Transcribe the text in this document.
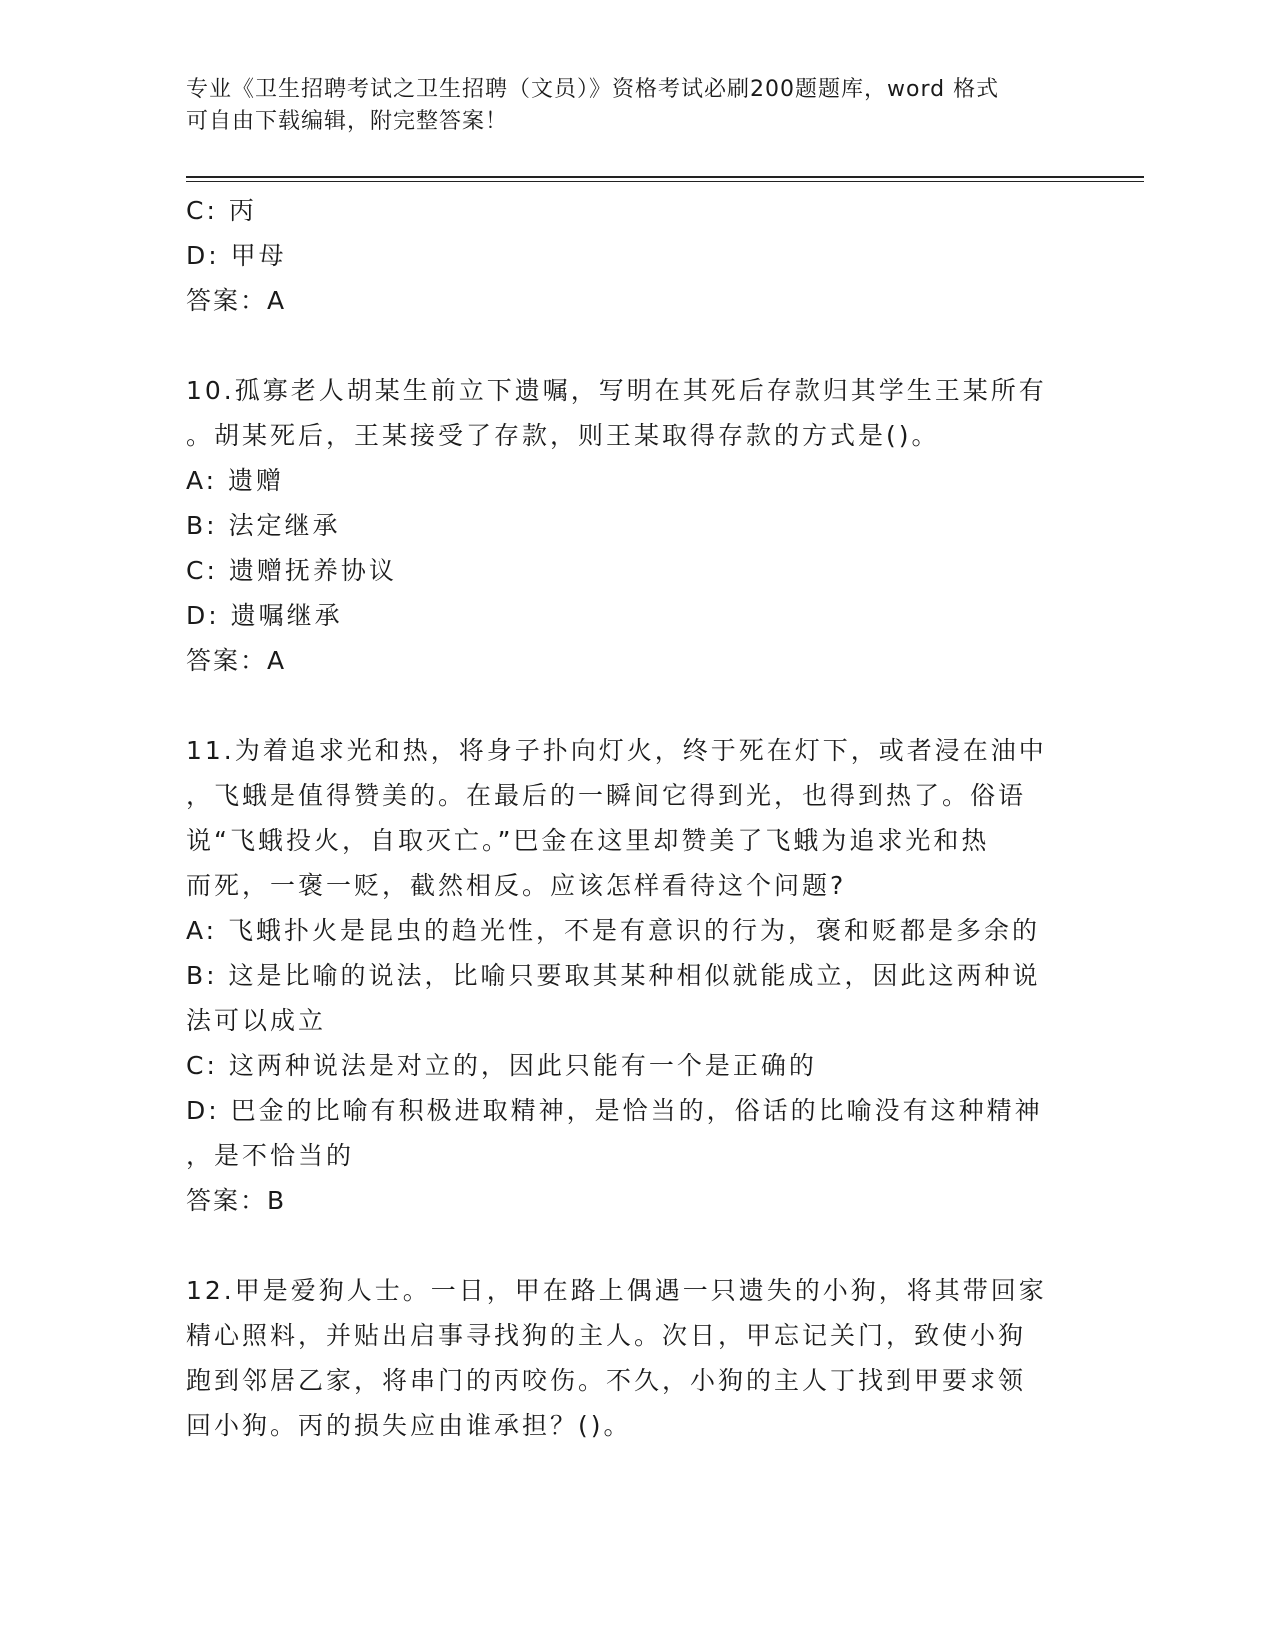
专业《卫生招聘考试之卫生招聘（文员）》资格考试必刷200题题库，word 格式
可自由下载编辑，附完整答案！
C: 丙
D: 甲母
答案：A
10.孤寡老人胡某生前立下遗嘱，写明在其死后存款归其学生王某所有
。胡某死后，王某接受了存款，则王某取得存款的方式是()。
A: 遗赠
B: 法定继承
C: 遗赠抚养协议
D: 遗嘱继承
答案：A
11.为着追求光和热，将身子扑向灯火，终于死在灯下，或者浸在油中
，飞蛾是值得赞美的。在最后的一瞬间它得到光，也得到热了。俗语
说“飞蛾投火，自取灭亡。”巴金在这里却赞美了飞蛾为追求光和热
而死，一褒一贬，截然相反。应该怎样看待这个问题?
A: 飞蛾扑火是昆虫的趋光性，不是有意识的行为，褒和贬都是多余的
B: 这是比喻的说法，比喻只要取其某种相似就能成立，因此这两种说
法可以成立
C: 这两种说法是对立的，因此只能有一个是正确的
D: 巴金的比喻有积极进取精神，是恰当的，俗话的比喻没有这种精神
，是不恰当的
答案：B
12.甲是爱狗人士。一日，甲在路上偶遇一只遗失的小狗，将其带回家
精心照料，并贴出启事寻找狗的主人。次日，甲忘记关门，致使小狗
跑到邻居乙家，将串门的丙咬伤。不久，小狗的主人丁找到甲要求领
回小狗。丙的损失应由谁承担？()。
